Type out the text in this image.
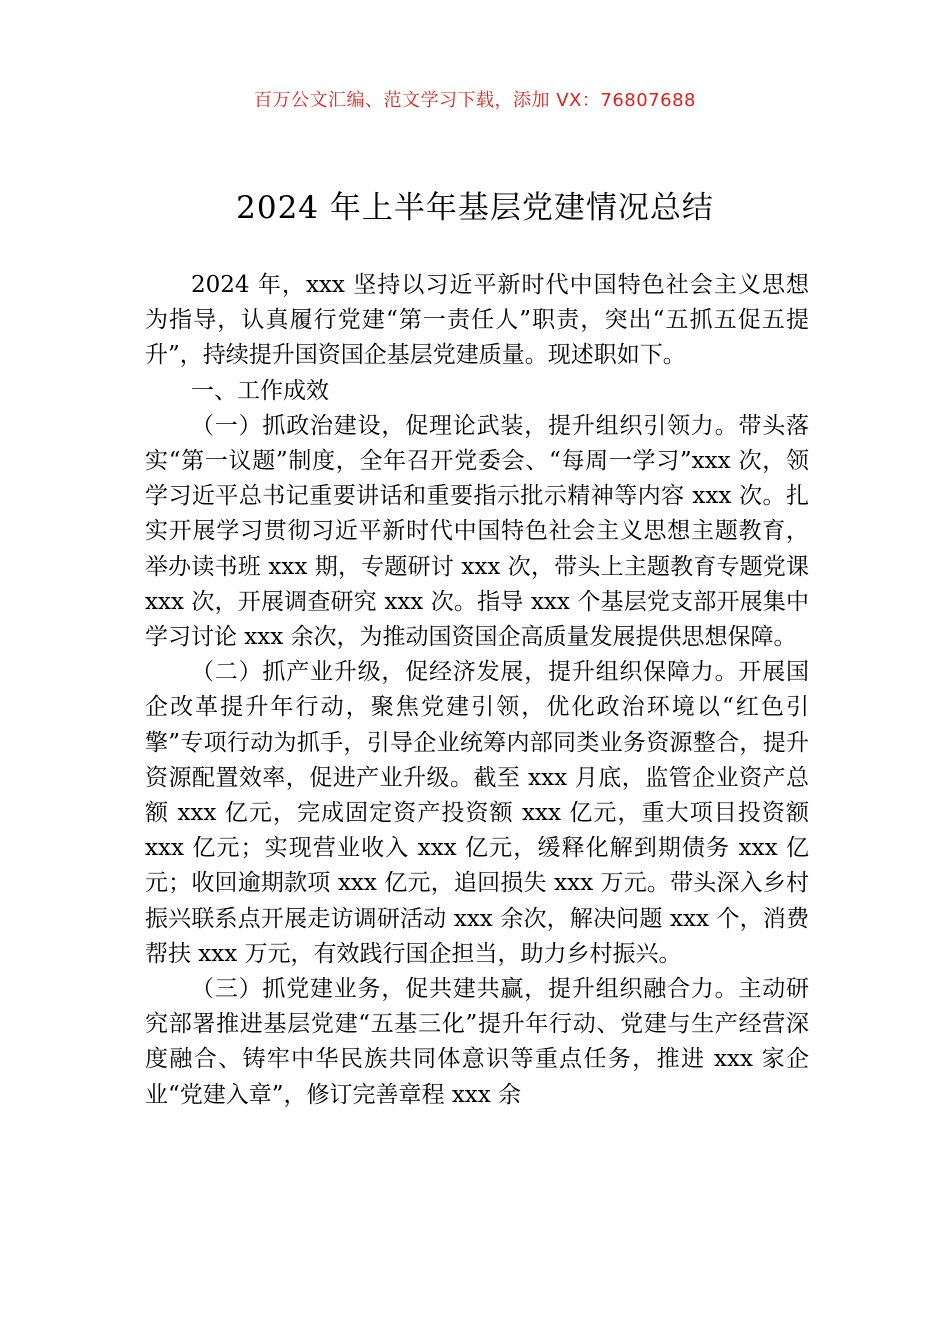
百万公文汇编、范文学习下载，添加 VX：76807688
2024 年上半年基层党建情况总结

2024 年，xxx 坚持以习近平新时代中国特色社会主义思想为指导，认真履行党建“第一责任人”职责，突出“五抓五促五提升”，持续提升国资国企基层党建质量。现述职如下。

一、工作成效

（一）抓政治建设，促理论武装，提升组织引领力。带头落实“第一议题”制度，全年召开党委会、“每周一学习”xxx 次，领学习近平总书记重要讲话和重要指示批示精神等内容 xxx 次。扎实开展学习贯彻习近平新时代中国特色社会主义思想主题教育，举办读书班 xxx 期，专题研讨 xxx 次，带头上主题教育专题党课 xxx 次，开展调查研究 xxx 次。指导 xxx 个基层党支部开展集中学习讨论 xxx 余次，为推动国资国企高质量发展提供思想保障。

（二）抓产业升级，促经济发展，提升组织保障力。开展国企改革提升年行动，聚焦党建引领，优化政治环境以“红色引擎”专项行动为抓手，引导企业统筹内部同类业务资源整合，提升资源配置效率，促进产业升级。截至 xxx 月底，监管企业资产总额 xxx 亿元，完成固定资产投资额 xxx 亿元，重大项目投资额 xxx 亿元；实现营业收入 xxx 亿元，缓释化解到期债务 xxx 亿元；收回逾期款项 xxx 亿元，追回损失 xxx 万元。带头深入乡村振兴联系点开展走访调研活动 xxx 余次，解决问题 xxx 个，消费帮扶 xxx 万元，有效践行国企担当，助力乡村振兴。

（三）抓党建业务，促共建共赢，提升组织融合力。主动研究部署推进基层党建“五基三化”提升年行动、党建与生产经营深度融合、铸牢中华民族共同体意识等重点任务，推进 xxx 家企业“党建入章”，修订完善章程 xxx 余
